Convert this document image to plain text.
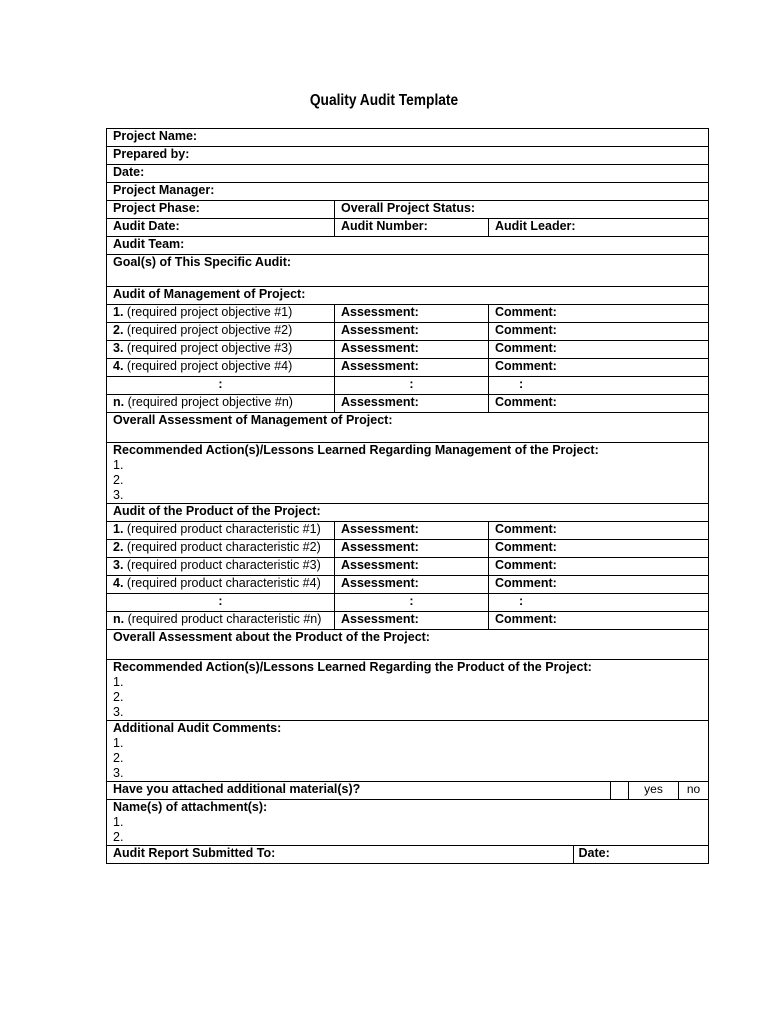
Quality Audit Template
Project Name:					
Prepared by:					
Date:					
Project Manager:					
Project Phase:	Overall Project Status:				
Audit Date:	Audit Number:	Audit Leader:			
Audit Team:					
Goal(s) of This Specific Audit:					
Audit of Management of Project:					
1. (required project objective #1)	Assessment:	Comment:			
2. (required project objective #2)	Assessment:	Comment:			
3. (required project objective #3)	Assessment:	Comment:			
4. (required project objective #4)	Assessment:	Comment:			
:	:	:			
n. (required project objective #n)	Assessment:	Comment:			
Overall Assessment of Management of Project:					

Recommended Action(s)/Lessons Learned Regarding Management of the Project:
1.
2.
3.					

Audit of the Product of the Project:					
1. (required product characteristic #1)	Assessment:	Comment:			
2. (required product characteristic #2)	Assessment:	Comment:			
3. (required product characteristic #3)	Assessment:	Comment:			
4. (required product characteristic #4)	Assessment:	Comment:			
:	:	:			
n. (required product characteristic #n)	Assessment:	Comment:			
Overall Assessment about the Product of the Project:					

Recommended Action(s)/Lessons Learned Regarding the Product of the Project:
1.
2.
3.					

Additional Audit Comments:
1.
2.
3.					

Have you attached additional material(s)?				yes	no

Name(s) of attachment(s):
1.
2.					

Audit Report Submitted To:			Date:		
